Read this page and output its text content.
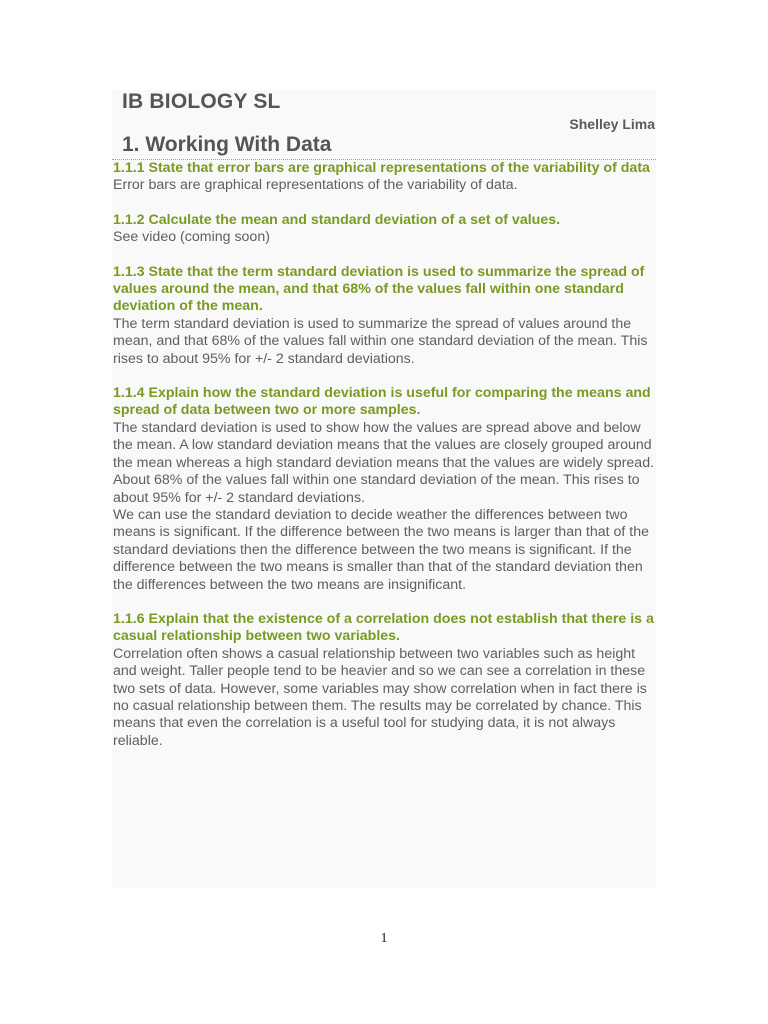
IB BIOLOGY SL
Shelley Lima
1. Working With Data
1.1.1 State that error bars are graphical representations of the variability of data

Error bars are graphical representations of the variability of data.

1.1.2 Calculate the mean and standard deviation of a set of values.

See video (coming soon)

1.1.3 State that the term standard deviation is used to summarize the spread of values around the mean, and that 68% of the values fall within one standard deviation of the mean.

The term standard deviation is used to summarize the spread of values around the mean, and that 68% of the values fall within one standard deviation of the mean. This rises to about 95% for +/- 2 standard deviations.

1.1.4 Explain how the standard deviation is useful for comparing the means and spread of data between two or more samples.

The standard deviation is used to show how the values are spread above and below the mean. A low standard deviation means that the values are closely grouped around the mean whereas a high standard deviation means that the values are widely spread. About 68% of the values fall within one standard deviation of the mean. This rises to about 95% for +/- 2 standard deviations.

We can use the standard deviation to decide weather the differences between two means is significant. If the difference between the two means is larger than that of the standard deviations then the difference between the two means is significant. If the difference between the two means is smaller than that of the standard deviation then the differences between the two means are insignificant.

1.1.6 Explain that the existence of a correlation does not establish that there is a casual relationship between two variables.

Correlation often shows a casual relationship between two variables such as height and weight. Taller people tend to be heavier and so we can see a correlation in these two sets of data. However, some variables may show correlation when in fact there is no casual relationship between them. The results may be correlated by chance. This means that even the correlation is a useful tool for studying data, it is not always reliable.

1
